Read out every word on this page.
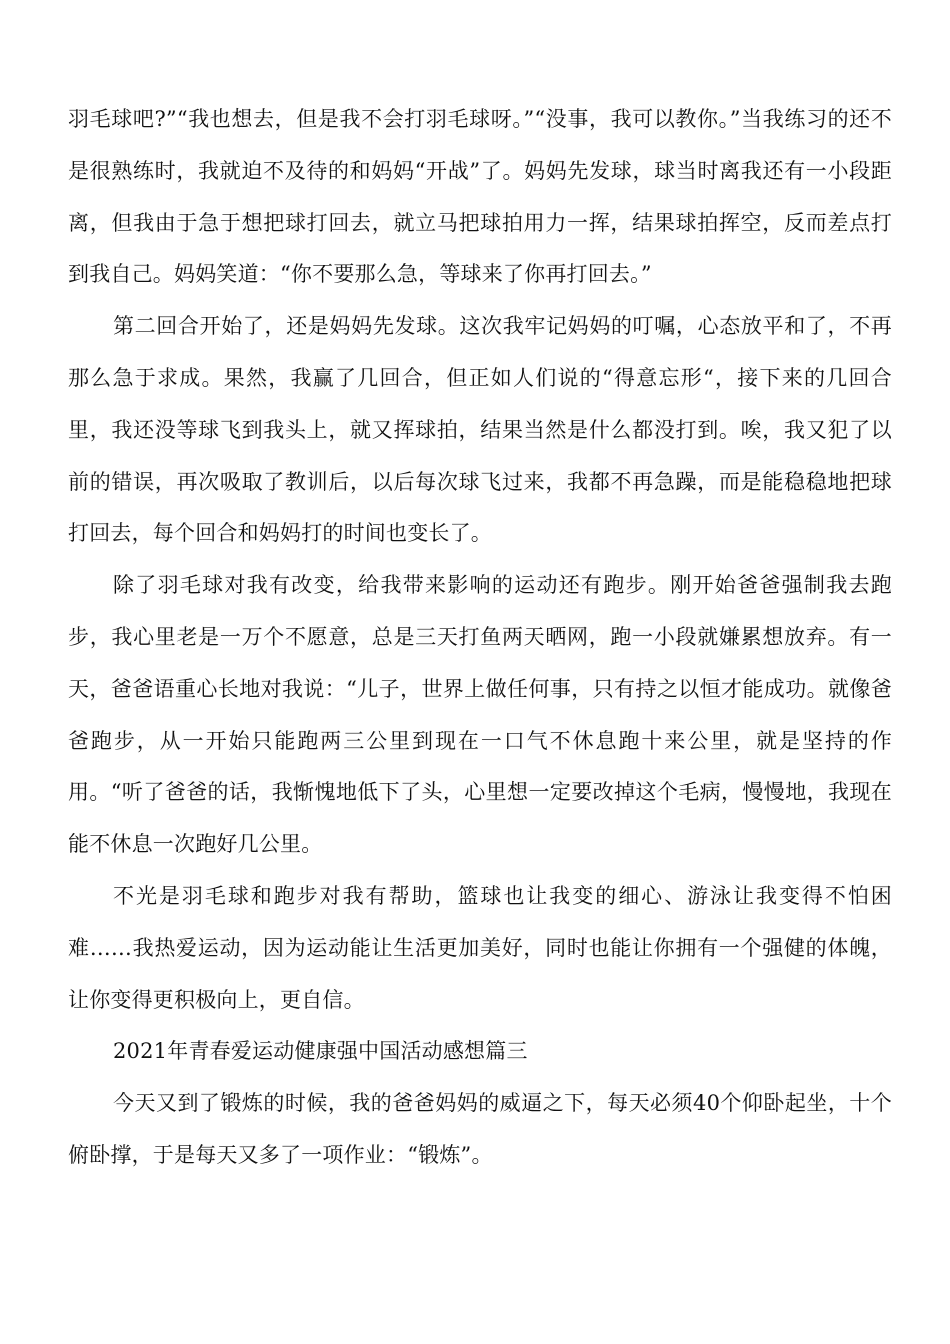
羽毛球吧?”“我也想去，但是我不会打羽毛球呀。”“没事，我可以教你。”当我练习的还不是很熟练时，我就迫不及待的和妈妈“开战”了。妈妈先发球，球当时离我还有一小段距离，但我由于急于想把球打回去，就立马把球拍用力一挥，结果球拍挥空，反而差点打到我自己。妈妈笑道：“你不要那么急，等球来了你再打回去。”

第二回合开始了，还是妈妈先发球。这次我牢记妈妈的叮嘱，心态放平和了，不再那么急于求成。果然，我赢了几回合，但正如人们说的“得意忘形“，接下来的几回合里，我还没等球飞到我头上，就又挥球拍，结果当然是什么都没打到。唉，我又犯了以前的错误，再次吸取了教训后，以后每次球飞过来，我都不再急躁，而是能稳稳地把球打回去，每个回合和妈妈打的时间也变长了。

除了羽毛球对我有改变，给我带来影响的运动还有跑步。刚开始爸爸强制我去跑步，我心里老是一万个不愿意，总是三天打鱼两天晒网，跑一小段就嫌累想放弃。有一天，爸爸语重心长地对我说：“儿子，世界上做任何事，只有持之以恒才能成功。就像爸爸跑步，从一开始只能跑两三公里到现在一口气不休息跑十来公里，就是坚持的作用。“听了爸爸的话，我惭愧地低下了头，心里想一定要改掉这个毛病，慢慢地，我现在能不休息一次跑好几公里。

不光是羽毛球和跑步对我有帮助，篮球也让我变的细心、游泳让我变得不怕困难……我热爱运动，因为运动能让生活更加美好，同时也能让你拥有一个强健的体魄，让你变得更积极向上，更自信。

2021年青春爱运动健康强中国活动感想篇三

今天又到了锻炼的时候，我的爸爸妈妈的威逼之下，每天必须40个仰卧起坐，十个俯卧撑，于是每天又多了一项作业：“锻炼”。
